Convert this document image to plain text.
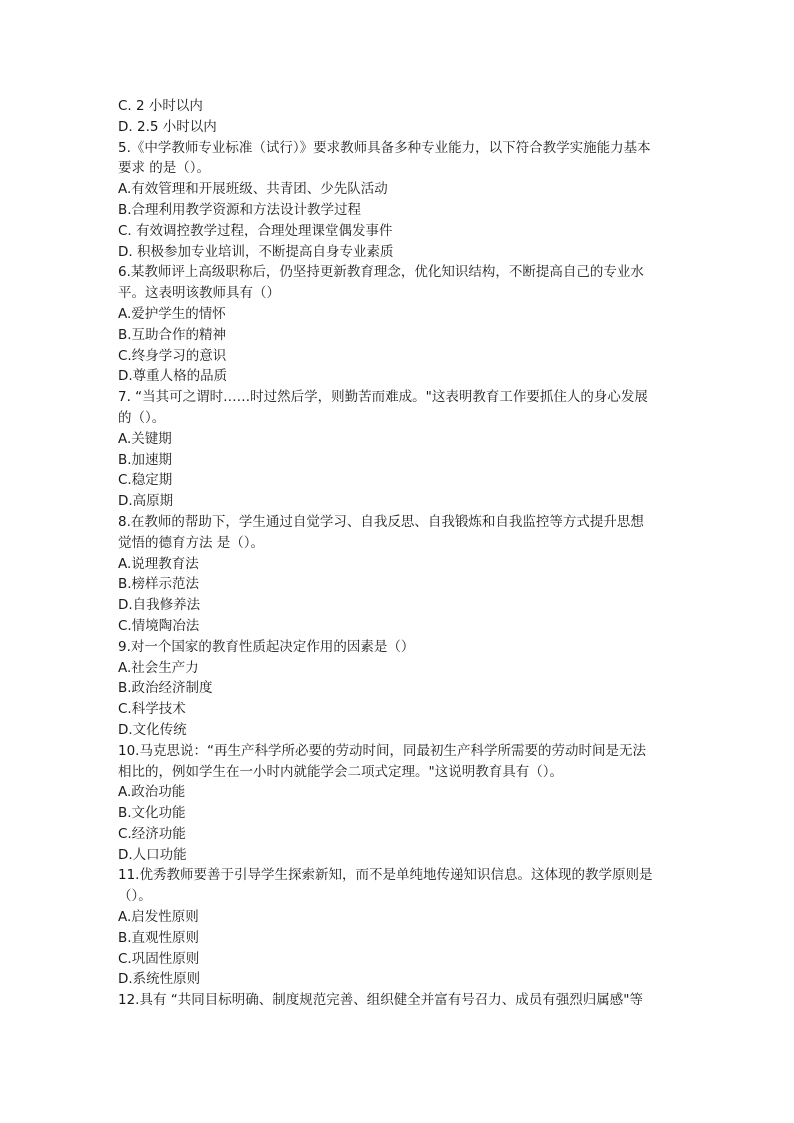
C. 2 小时以内
D. 2.5 小时以内
5.《中学教师专业标准（试行）》要求教师具备多种专业能力，以下符合教学实施能力基本
要求 的是（）。
A.有效管理和开展班级、共青团、少先队活动
B.合理利用教学资源和方法设计教学过程
C. 有效调控教学过程，合理处理课堂偶发事件
D. 积极参加专业培训，不断提高自身专业素质
6.某教师评上高级职称后，仍坚持更新教育理念，优化知识结构，不断提高自己的专业水
平。这表明该教师具有（）
A.爱护学生的情怀
B.互助合作的精神
C.终身学习的意识
D.尊重人格的品质
7. “当其可之谓时……时过然后学，则勤苦而难成。"这表明教育工作要抓住人的身心发展
的（）。
A.关键期
B.加速期
C.稳定期
D.高原期
8.在教师的帮助下，学生通过自觉学习、自我反思、自我锻炼和自我监控等方式提升思想
觉悟的德育方法 是（）。
A.说理教育法
B.榜样示范法
D.自我修养法
C.情境陶冶法
9.对一个国家的教育性质起决定作用的因素是（）
A.社会生产力
B.政治经济制度
C.科学技术
D.文化传统
10.马克思说：“再生产科学所必要的劳动时间，同最初生产科学所需要的劳动时间是无法
相比的，例如学生在一小时内就能学会二项式定理。"这说明教育具有（）。
A.政治功能
B.文化功能
C.经济功能
D.人口功能
11.优秀教师要善于引导学生探索新知，而不是单纯地传递知识信息。这体现的教学原则是
（）。
A.启发性原则
B.直观性原则
C.巩固性原则
D.系统性原则
12.具有 “共同目标明确、制度规范完善、组织健全并富有号召力、成员有强烈归属感"等
